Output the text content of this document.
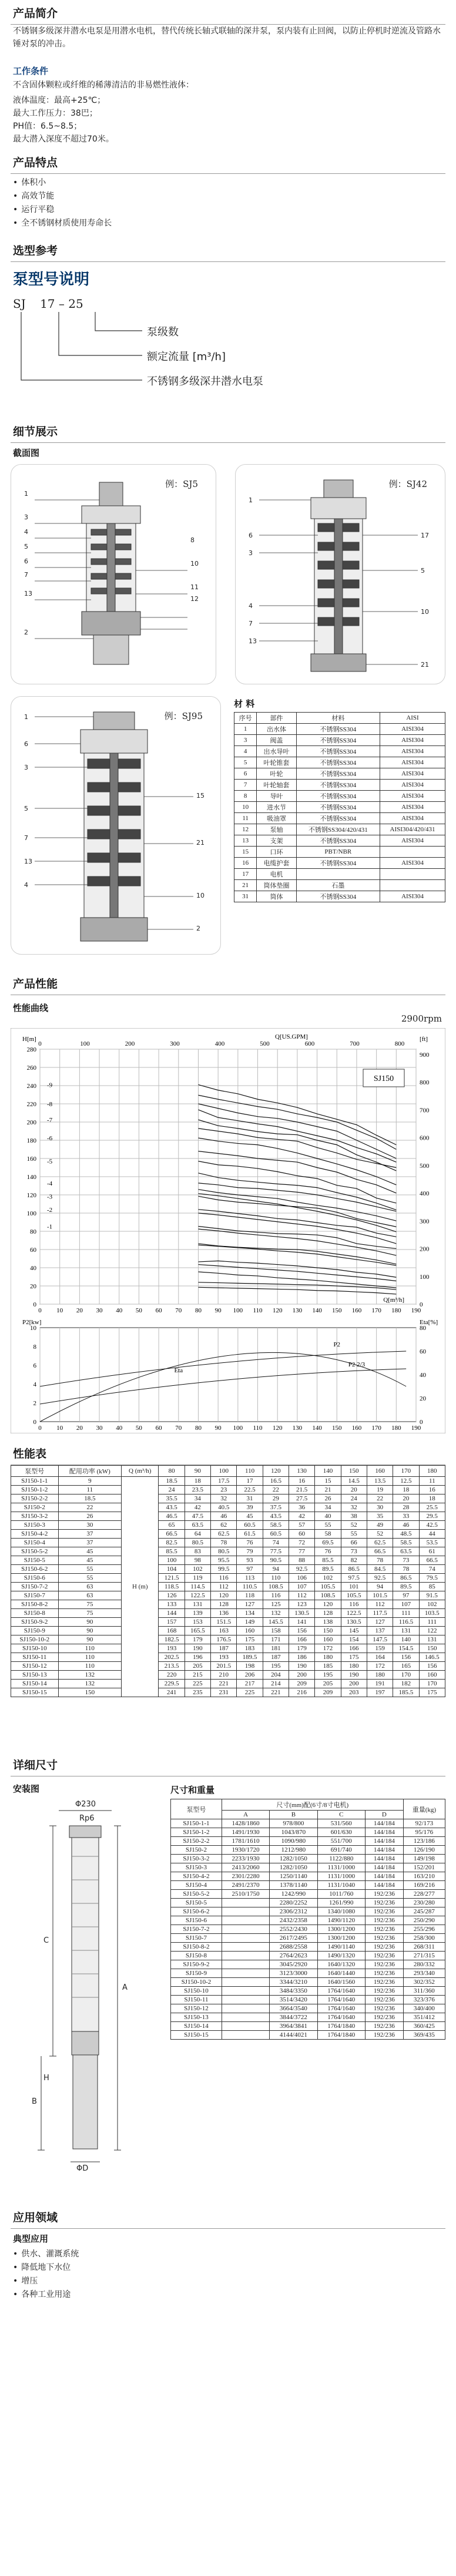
产品简介
不锈钢多级深井潜水电泵是用潜水电机，替代传统长轴式联轴的深井泵，泵内装有止回阀，以防止停机时逆流及管路水锤对泵的冲击。
工作条件
不含固体颗粒或纤维的稀薄清洁的非易燃性液体：
液体温度：最高+25℃；
最大工作压力：38巴；
PH值：6.5~8.5；
最大潜入深度不超过70米。
产品特点
• 体积小
• 高效节能
• 运行平稳
• 全不锈钢材质使用寿命长
选型参考
泵型号说明
SJ 17 – 25
泵级数
额定流量 [m³/h]
不锈钢多级深井潜水电泵
细节展示
截面图
例：SJ5
1
3
4
5
6
7
13
2
8
10
11
12
例：SJ42
1
6
3
4
7
13
17
5
10
21
例：SJ95
1
6
3
5
7
13
4
15
21
10
2
材 料
序号	部件	材料	AISI
1	出水体	不锈钢SS304	AISI304
3	阀盖	不锈钢SS304	AISI304
4	出水导叶	不锈钢SS304	AISI304
5	叶轮锥套	不锈钢SS304	AISI304
6	叶轮	不锈钢SS304	AISI304
7	叶轮轴套	不锈钢SS304	AISI304
8	导叶	不锈钢SS304	AISI304
10	进水节	不锈钢SS304	AISI304
11	吸油罩	不锈钢SS304	AISI304
12	泵轴	不锈钢SS304/420/431	AISI304/420/431
13	支架	不锈钢SS304	AISI304
15	口环	PBT/NBR	
16	电缆护套	不锈钢SS304	AISI304
17	电机		
21	筒体垫圈	石墨	
31	筒体	不锈钢SS304	AISI304
产品性能
性能曲线
2900rpm
0 10 20 30 40 50 60 70 80 90 100 110 120 130 140 150 160 170 180 190
0
20
40
60
80
100
120
140
160
180
200
220
240
260
280
0
100
200
300
400
500
600
700
800
900
0	100	200	300	400	500	600	700	800
Q[US.GPM]
H[m]	[ft]
Q[m³/h]
SJ150
-9
-8
-7
-6
-5
-4
-3
-2
-1
0 10 20 30 40 50 60 70 80 90 100 110 120 130 140 150 160 170 180 190
0
2
4
6
8
10
0
20
40
60
80
P2[kw]	Eta[%]
P2
P2 2/3
Eta
性能表
泵型号	配用功率 (kW)	Q (m³/h)	80	90	100	110	120	130	140	150	160	170	180
SJ150-1-1	9	H (m)	18.5	18	17.5	17	16.5	16	15	14.5	13.5	12.5	11
SJ150-1-2	11		24	23.5	23	22.5	22	21.5	21	20	19	18	16
SJ150-2-2	18.5		35.5	34	32	31	29	27.5	26	24	22	20	18
SJ150-2	22		43.5	42	40.5	39	37.5	36	34	32	30	28	25.5
SJ150-3-2	26		46.5	47.5	46	45	43.5	42	40	38	35	33	29.5
SJ150-3	30		65	63.5	62	60.5	58.5	57	55	52	49	46	42.5
SJ150-4-2	37		66.5	64	62.5	61.5	60.5	60	58	55	52	48.5	44
SJ150-4	37		82.5	80.5	78	76	74	72	69.5	66	62.5	58.5	53.5
SJ150-5-2	45		85.5	83	80.5	79	77.5	77	76	73	66.5	63.5	61
SJ150-5	45		100	98	95.5	93	90.5	88	85.5	82	78	73	66.5
SJ150-6-2	55		104	102	99.5	97	94	92.5	89.5	86.5	84.5	78	74
SJ150-6	55		121.5	119	116	113	110	106	102	97.5	92.5	86.5	79.5
SJ150-7-2	63		118.5	114.5	112	110.5	108.5	107	105.5	101	94	89.5	85
SJ150-7	63		126	122.5	120	118	116	112	108.5	105.5	101.5	97	91.5
SJ150-8-2	75		133	131	128	127	125	123	120	116	112	107	102
SJ150-8	75		144	139	136	134	132	130.5	128	122.5	117.5	111	103.5
SJ150-9-2	90		157	153	151.5	149	145.5	141	138	130.5	127	116.5	111
SJ150-9	90		168	165.5	163	160	158	156	150	145	137	131	122
SJ150-10-2	90		182.5	179	176.5	175	171	166	160	154	147.5	140	131
SJ150-10	110		193	190	187	183	181	179	172	166	159	154.5	150
SJ150-11	110		202.5	196	193	189.5	187	186	180	175	164	156	146.5
SJ150-12	110		213.5	205	201.5	198	195	190	185	180	172	165	156
SJ150-13	132		220	215	210	206	204	200	195	190	180	170	160
SJ150-14	132		229.5	225	221	217	214	209	205	200	191	182	170
SJ150-15	150		241	235	231	225	221	216	209	203	197	185.5	175
详细尺寸
安装图
Φ230
Rp6
C
A
B
H
ΦD
尺寸和重量
泵型号	尺寸(mm)配(6寸/8寸电机)				重量(kg)
	A	B	C	D	
SJ150-1-1	1428/1860	978/800	531/560	144/184	92/173
SJ150-1-2	1491/1930	1043/870	601/630	144/184	95/176
SJ150-2-2	1781/1610	1090/980	551/700	144/184	123/186
SJ150-2	1930/1720	1212/980	691/740	144/184	126/190
SJ150-3-2	2233/1930	1282/1050	1122/880	144/184	149/198
SJ150-3	2413/2060	1282/1050	1131/1000	144/184	152/201
SJ150-4-2	2301/2280	1250/1140	1131/1000	144/184	163/210
SJ150-4	2491/2370	1378/1140	1131/1040	144/184	169/216
SJ150-5-2	2510/1750	1242/990	1011/760	192/236	228/277
SJ150-5		2280/2252	1261/990	192/236	230/280
SJ150-6-2		2306/2312	1340/1080	192/236	245/287
SJ150-6		2432/2358	1490/1120	192/236	250/290
SJ150-7-2		2552/2430	1300/1200	192/236	255/296
SJ150-7		2617/2495	1300/1200	192/236	258/300
SJ150-8-2		2688/2558	1490/1140	192/236	268/311
SJ150-8		2764/2623	1490/1320	192/236	271/315
SJ150-9-2		3045/2920	1640/1320	192/236	280/332
SJ150-9		3123/3000	1640/1440	192/236	293/340
SJ150-10-2		3344/3210	1640/1560	192/236	302/352
SJ150-10		3484/3350	1764/1640	192/236	311/360
SJ150-11		3514/3420	1764/1640	192/236	323/376
SJ150-12		3664/3540	1764/1640	192/236	340/400
SJ150-13		3844/3722	1764/1640	192/236	351/412
SJ150-14		3964/3841	1764/1840	192/236	360/425
SJ150-15		4144/4021	1764/1840	192/236	369/435
应用领域
典型应用
• 供水、灌溉系统
• 降低地下水位
• 增压
• 各种工业用途
